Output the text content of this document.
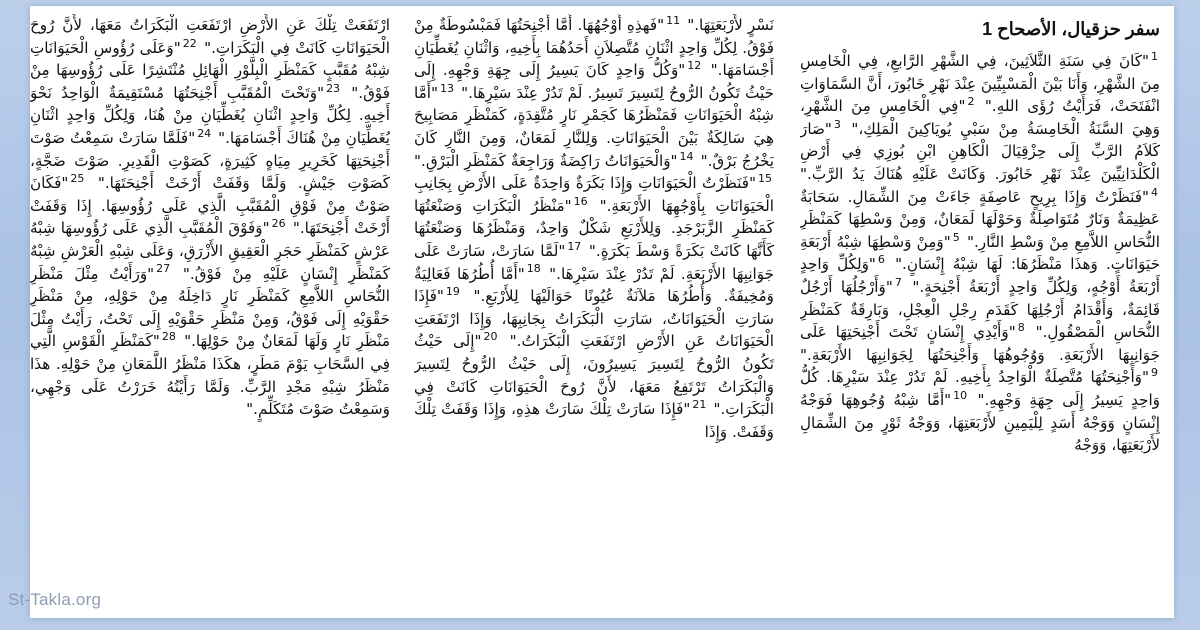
سفر حزقيال، الأصحاح 1

$^1$"كَانَ فِي سَنَةِ الثَّلاَثِينَ، فِي الشَّهْرِ الرَّابعِ، فِي الْخَامِسِ مِنَ الشَّهْرِ، وَأَنَا بَيْنَ الْمَسْبِيِّينَ عِنْدَ نَهْرِ خَابُورَ، أَنَّ السَّمَاوَاتِ انْفَتَحَتْ، فَرَأَيْتُ رُؤَى اللهِ." $^2$"فِي الْخَامِسِ مِنَ الشَّهْرِ، وَهِيَ السَّنَةُ الْخَامِسَةُ مِنْ سَبْيِ يُويَاكِينَ الْمَلِكِ،" $^3$"صَارَ كَلاَمُ الرَّبِّ إِلَى حِزْقِيَالَ الْكَاهِنِ ابْنِ بُوزِي فِي أَرْضِ الْكَلْدَانِيِّينَ عِنْدَ نَهْرِ خَابُورَ. وَكَانَتْ عَلَيْهِ هُنَاكَ يَدُ الرَّبِّ." $^4$"فَنَظَرْتُ وَإِذَا بِرِيحٍ عَاصِفَةٍ جَاءَتْ مِنَ الشِّمَالِ. سَحَابَةٌ عَظِيمَةٌ وَنَارٌ مُتَوَاصِلَةٌ وَحَوْلَهَا لَمَعَانٌ، وَمِنْ وَسْطِهَا كَمَنْظَرِ النُّحَاسِ اللاَّمِعِ مِنْ وَسْطِ النَّارِ." $^5$"وَمِنْ وَسْطِهَا شِبْهُ أَرْبَعَةِ حَيَوَانَاتٍ. وَهذَا مَنْظَرُهَا: لَهَا شِبْهُ إِنْسَانٍ." $^6$"وَلِكُلِّ وَاحِدٍ أَرْبَعَةُ أَوْجُهٍ، وَلِكُلِّ وَاحِدٍ أَرْبَعَةُ أَجْنِحَةٍ." $^7$"وَأَرْجُلُهَا أَرْجُلٌ قَائِمَةٌ، وَأَقْدَامُ أَرْجُلِهَا كَقَدَمِ رِجْلِ الْعِجْلِ، وَبَارِقَةٌ كَمَنْظَرِ النُّحَاسِ الْمَصْقُولِ." $^8$"وَأَيْدِي إِنْسَانٍ تَحْتَ أَجْنِحَتِهَا عَلَى جَوَانِبِهَا الأَرْبَعَةِ. وَوُجُوهُهَا وَأَجْنِحَتُهَا لِجَوَانِبِهَا الأَرْبَعَةِ." $^9$"وَأَجْنِحَتُهَا مُتَّصِلَةٌ الْوَاحِدُ بِأَخِيهِ. لَمْ تَدُرْ عِنْدَ سَيْرِهَا. كُلُّ وَاحِدٍ يَسِيرُ إِلَى جِهَةِ وَجْهِهِ." $^{10}$"أَمَّا شِبْهُ وُجُوهِهَا فَوَجْهُ إِنْسَانٍ وَوَجْهُ أَسَدٍ لِلْيَمِينِ لأَرْبَعَتِهَا، وَوَجْهُ ثَوْرٍ مِنَ الشِّمَالِ لأَرْبَعَتِهَا، وَوَجْهُ

نَسْرٍ لأَرْبَعَتِهَا." $^{11}$"فَهذِهِ أَوْجُهُهَا. أَمَّا أَجْنِحَتُهَا فَمَبْسُوطَةٌ مِنْ فَوْقُ. لِكُلِّ وَاحِدٍ اثْنَانِ مُتَّصِلاَنِ أَحَدُهُمَا بِأَخِيهِ، وَاثْنَانِ يُغَطِّيَانِ أَجْسَامَهَا." $^{12}$"وَكُلُّ وَاحِدٍ كَانَ يَسِيرُ إِلَى جِهَةِ وَجْهِهِ. إِلَى حَيْثُ تَكُونُ الرُّوحُ لِتَسِيرَ تَسِيرُ. لَمْ تَدُرْ عِنْدَ سَيْرِهَا." $^{13}$"أَمَّا شِبْهُ الْحَيَوَانَاتِ فَمَنْظَرُهَا كَجَمْرِ نَارٍ مُتَّقِدَةٍ، كَمَنْظَرِ مَصَابِيحَ هِيَ سَالِكَةٌ بَيْنَ الْحَيَوَانَاتِ. وَلِلنَّارِ لَمَعَانٌ، وَمِنَ النَّارِ كَانَ يَخْرُجُ بَرْقٌ." $^{14}$"وَالْحَيَوَانَاتُ رَاكِضَةٌ وَرَاجِعَةٌ كَمَنْظَرِ الْبَرْقِ." $^{15}$"فَنَظَرْتُ الْحَيَوَانَاتِ وَإِذَا بَكَرَةٌ وَاحِدَةٌ عَلَى الأَرْضِ بِجَانِبِ الْحَيَوَانَاتِ بِأَوْجُهِهَا الأَرْبَعَةِ." $^{16}$"مَنْظَرُ الْبَكَرَاتِ وَصَنْعَتُهَا كَمَنْظَرِ الزَّبَرْجَدِ. وَلِلأَرْبَعِ شَكْلٌ وَاحِدٌ، وَمَنْظَرُهَا وَصَنْعَتُهَا كَأَنَّهَا كَانَتْ بَكَرَةً وَسْطَ بَكَرَةٍ." $^{17}$"لَمَّا سَارَتْ، سَارَتْ عَلَى جَوَانِبِهَا الأَرْبَعَةِ. لَمْ تَدُرْ عِنْدَ سَيْرِهَا." $^{18}$"أَمَّا أُطُرُهَا فَعَالِيَةٌ وَمُخِيفَةٌ. وَأُطُرُهَا مَلآنَةٌ عُيُونًا حَوَالَيْهَا لِلأَرْبَعِ." $^{19}$"فَإِذَا سَارَتِ الْحَيَوَانَاتُ، سَارَتِ الْبَكَرَاتُ بِجَانِبِهَا، وَإِذَا ارْتَفَعَتِ الْحَيَوَانَاتُ عَنِ الأَرْضِ ارْتَفَعَتِ الْبَكَرَاتُ." $^{20}$"إِلَى حَيْثُ تَكُونُ الرُّوحُ لِتَسِيرَ يَسِيرُونَ، إِلَى حَيْثُ الرُّوحُ لِتَسِيرَ وَالْبَكَرَاتُ تَرْتَفِعُ مَعَهَا، لأَنَّ رُوحَ الْحَيَوَانَاتِ كَانَتْ فِي الْبَكَرَاتِ." $^{21}$"فَإِذَا سَارَتْ تِلْكَ سَارَتْ هذِهِ، وَإِذَا وَقَفَتْ تِلْكَ وَقَفَتْ. وَإِذَا

ارْتَفَعَتْ تِلْكَ عَنِ الأَرْضِ ارْتَفَعَتِ الْبَكَرَاتُ مَعَهَا، لأَنَّ رُوحَ الْحَيَوَانَاتِ كَانَتْ فِي الْبَكَرَاتِ." $^{22}$"وَعَلَى رُؤُوسِ الْحَيَوَانَاتِ شِبْهُ مُقَبَّبٍ كَمَنْظَرِ الْبِلَّوْرِ الْهَائِلِ مُنْتَشِرًا عَلَى رُؤُوسِهَا مِنْ فَوْقُ." $^{23}$"وَتَحْتَ الْمُقَبَّبِ أَجْنِحَتُهَا مُسْتَقِيمَةٌ الْوَاحِدُ نَحْوَ أَخِيهِ. لِكُلِّ وَاحِدٍ اثْنَانِ يُغَطِّيَانِ مِنْ هُنَا، وَلِكُلِّ وَاحِدٍ اثْنَانِ يُغَطِّيَانِ مِنْ هُنَاكَ أَجْسَامَهَا." $^{24}$"فَلَمَّا سَارَتْ سَمِعْتُ صَوْتَ أَجْنِحَتِهَا كَخَرِيرِ مِيَاهٍ كَثِيرَةٍ، كَصَوْتِ الْقَدِيرِ. صَوْتَ ضَجَّةٍ، كَصَوْتِ جَيْشٍ. وَلَمَّا وَقَفَتْ أَرْخَتْ أَجْنِحَتَهَا." $^{25}$"فَكَانَ صَوْتٌ مِنْ فَوْقِ الْمُقَبَّبِ الَّذِي عَلَى رُؤُوسِهَا. إِذَا وَقَفَتْ أَرْخَتْ أَجْنِحَتَهَا." $^{26}$"وَفَوْقَ الْمُقَبَّبِ الَّذِي عَلَى رُؤُوسِهَا شِبْهُ عَرْشٍ كَمَنْظَرِ حَجَرِ الْعَقِيقِ الأَزْرَقِ، وَعَلَى شِبْهِ الْعَرْشِ شِبْهٌ كَمَنْظَرِ إِنْسَانٍ عَلَيْهِ مِنْ فَوْقُ." $^{27}$"وَرَأَيْتُ مِثْلَ مَنْظَرِ النُّحَاسِ اللاَّمِعِ كَمَنْظَرِ نَارٍ دَاخِلَهُ مِنْ حَوْلِهِ، مِنْ مَنْظَرِ حَقْوَيْهِ إِلَى فَوْقُ، وَمِنْ مَنْظَرِ حَقْوَيْهِ إِلَى تَحْتُ، رَأَيْتُ مِثْلَ مَنْظَرِ نَارٍ وَلَهَا لَمَعَانٌ مِنْ حَوْلِهَا." $^{28}$"كَمَنْظَرِ الْقَوْسِ الَّتِي فِي السَّحَابِ يَوْمَ مَطَرٍ، هكَذَا مَنْظَرُ اللَّمَعَانِ مِنْ حَوْلِهِ. هذَا مَنْظَرُ شِبْهِ مَجْدِ الرَّبِّ. وَلَمَّا رَأَيْتُهُ خَرَرْتُ عَلَى وَجْهِي، وَسَمِعْتُ صَوْتَ مُتَكَلِّمٍ."

St-Takla.org
